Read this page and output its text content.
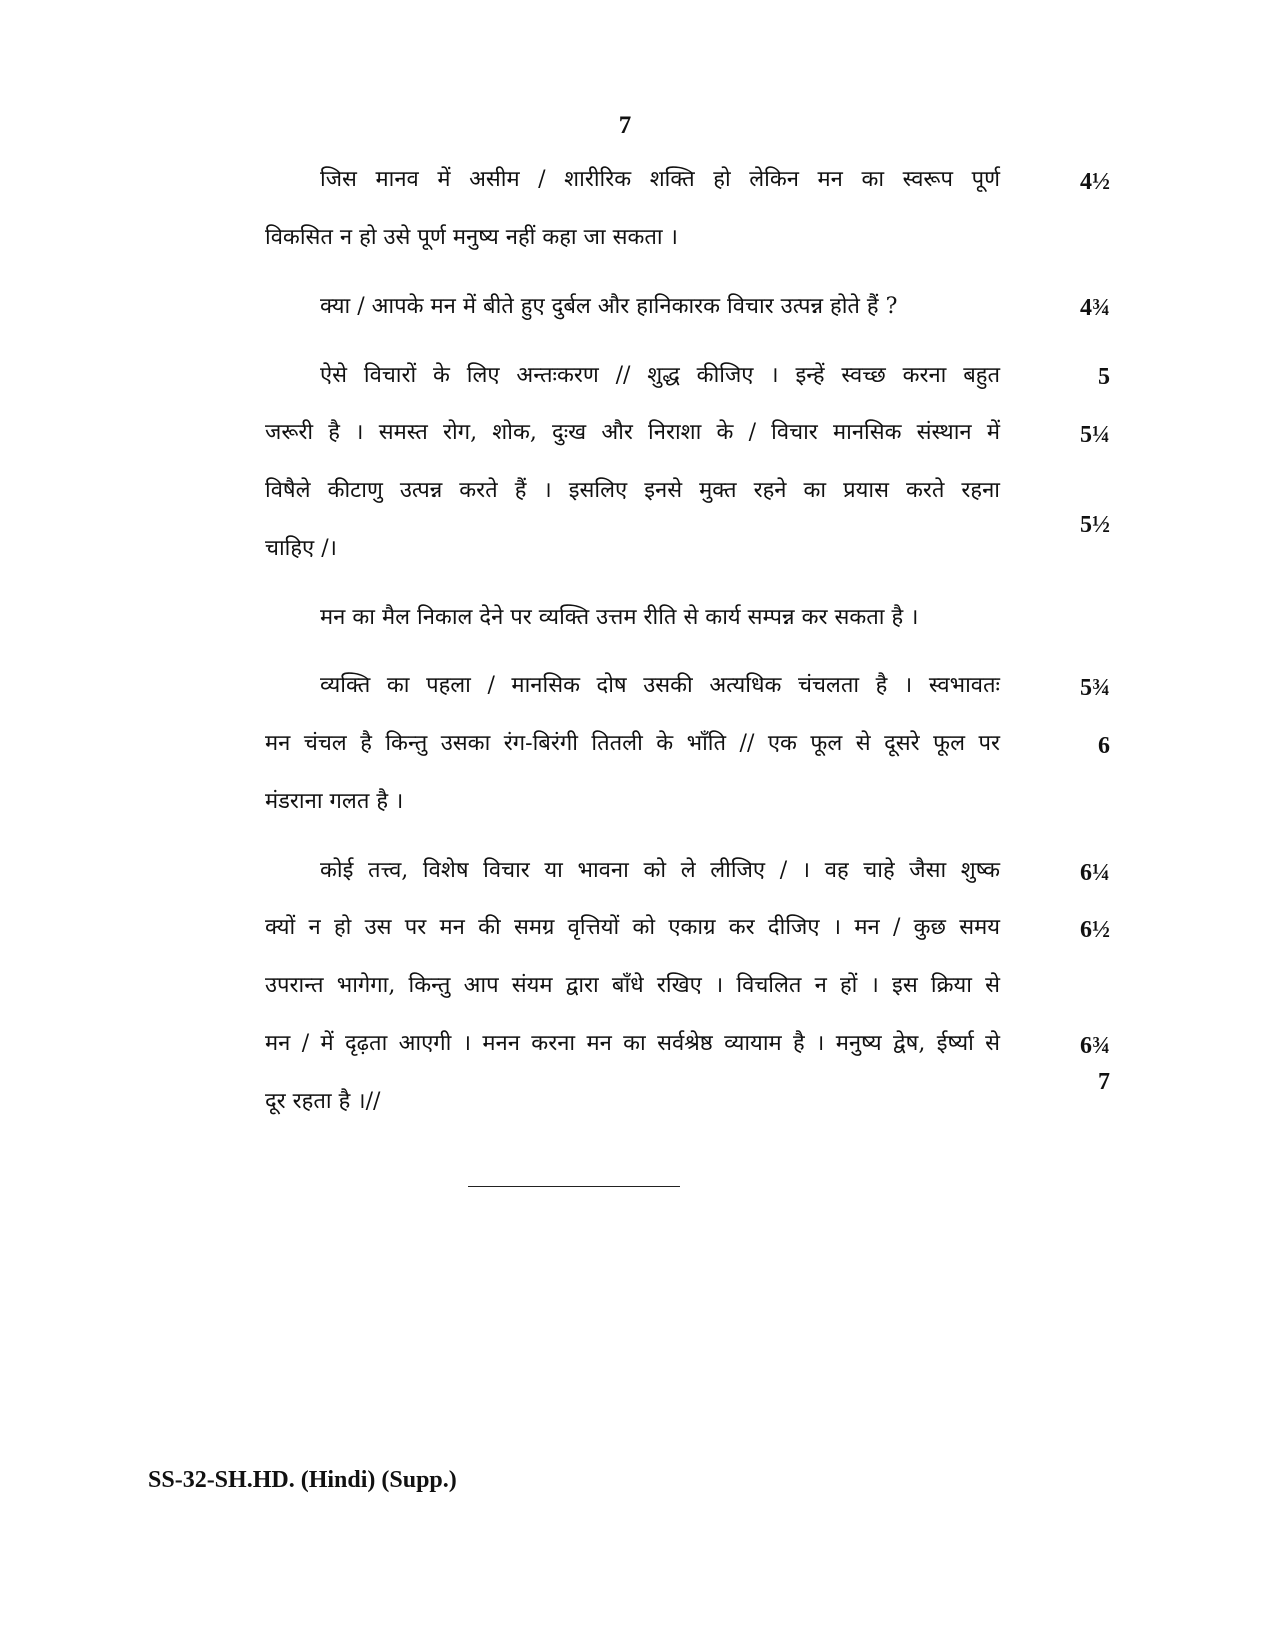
7
जिस मानव में असीम / शारीरिक शक्ति हो लेकिन मन का स्वरूप पूर्ण
विकसित न हो उसे पूर्ण मनुष्य नहीं कहा जा सकता ।
4½
क्या / आपके मन में बीते हुए दुर्बल और हानिकारक विचार उत्पन्न होते हैं ?	4¾
ऐसे विचारों के लिए अन्तःकरण // शुद्ध कीजिए । इन्हें स्वच्छ करना बहुत
जरूरी है । समस्त रोग, शोक, दुःख और निराशा के / विचार मानसिक संस्थान में
विषैले कीटाणु उत्पन्न करते हैं । इसलिए इनसे मुक्त रहने का प्रयास करते रहना
चाहिए /।
5
5¼
5½
मन का मैल निकाल देने पर व्यक्ति उत्तम रीति से कार्य सम्पन्न कर सकता है ।
व्यक्ति का पहला / मानसिक दोष उसकी अत्यधिक चंचलता है । स्वभावतः
मन चंचल है किन्तु उसका रंग-बिरंगी तितली के भाँति // एक फूल से दूसरे फूल पर
मंडराना गलत है ।
5¾
6
कोई तत्त्व, विशेष विचार या भावना को ले लीजिए / । वह चाहे जैसा शुष्क
क्यों न हो उस पर मन की समग्र वृत्तियों को एकाग्र कर दीजिए । मन / कुछ समय
उपरान्त भागेगा, किन्तु आप संयम द्वारा बाँधे रखिए । विचलित न हों । इस क्रिया से
मन / में दृढ़ता आएगी । मनन करना मन का सर्वश्रेष्ठ व्यायाम है । मनुष्य द्वेष, ईर्ष्या से
दूर रहता है ।//
6¼
6½
6¾
7
SS-32-SH.HD. (Hindi) (Supp.)
